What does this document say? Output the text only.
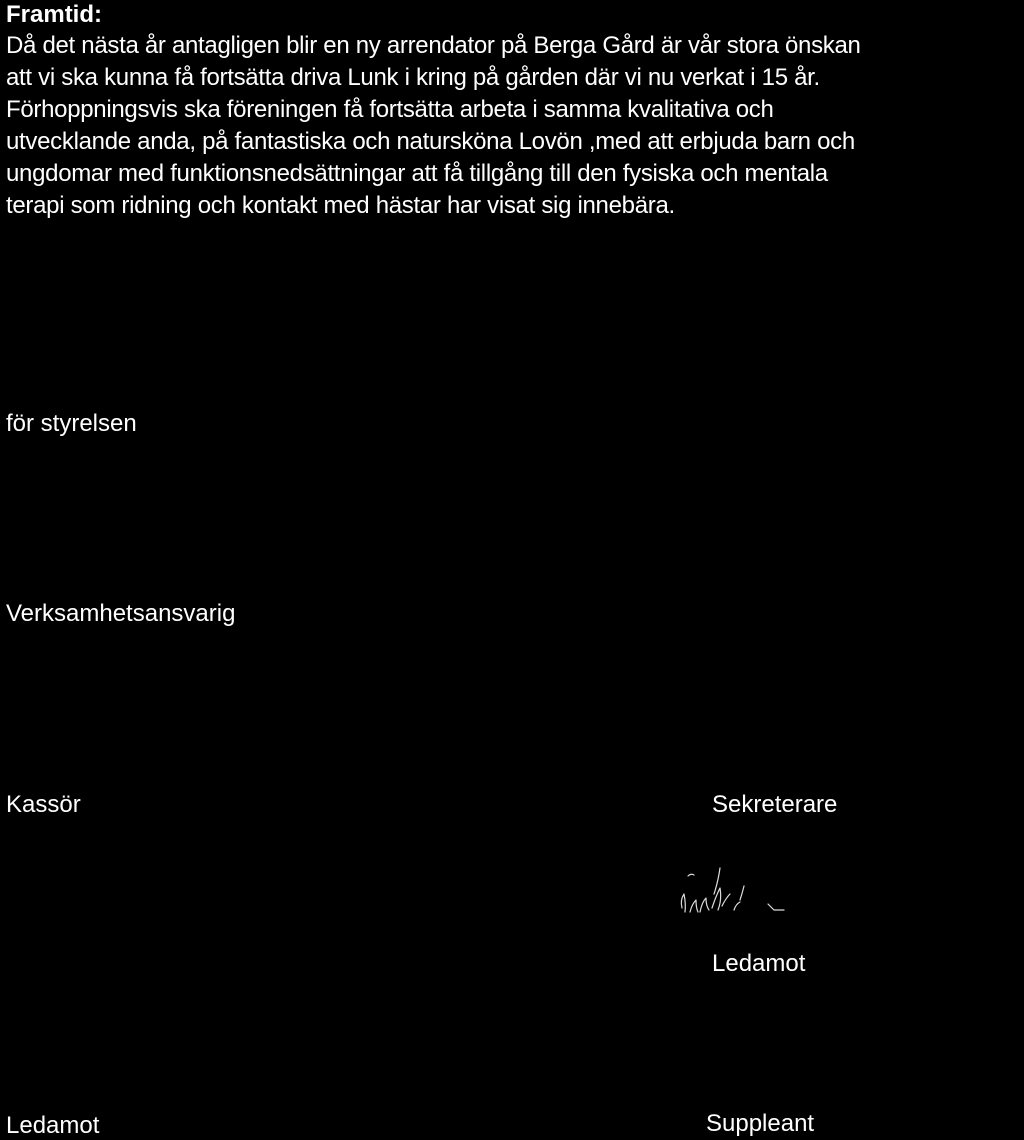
Framtid:
Då det nästa år antagligen blir en ny arrendator på Berga Gård är vår stora önskan
att vi ska kunna få fortsätta driva Lunk i kring på gården där vi nu verkat i 15 år.
Förhoppningsvis ska föreningen få fortsätta arbeta i samma kvalitativa och
utvecklande anda, på fantastiska och natursköna Lovön ,med att erbjuda barn och
ungdomar med funktionsnedsättningar att få tillgång till den fysiska och mentala
terapi som ridning och kontakt med hästar har visat sig innebära.

för styrelsen

Verksamhetsansvarig

Kassör	Sekreterare

Ledamot

Ledamot	Suppleant
